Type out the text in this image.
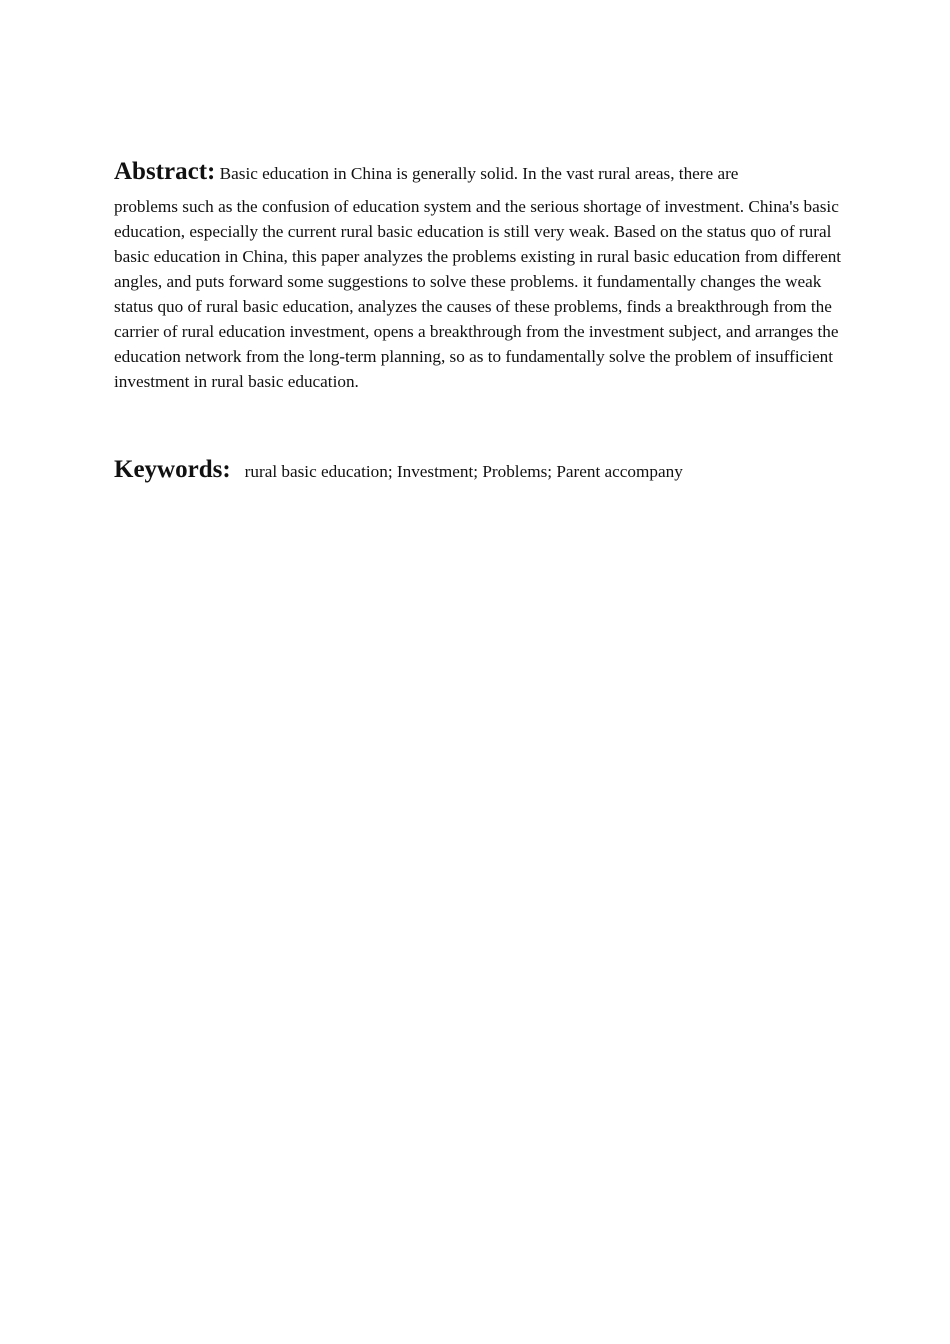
Abstract: Basic education in China is generally solid. In the vast rural areas, there are
problems such as the confusion of education system and the serious shortage of investment. China's basic education, especially the current rural basic education is still very weak. Based on the status quo of rural basic education in China, this paper analyzes the problems existing in rural basic education from different angles, and puts forward some suggestions to solve these problems. it fundamentally changes the weak status quo of rural basic education, analyzes the causes of these problems, finds a breakthrough from the carrier of rural education investment, opens a breakthrough from the investment subject, and arranges the education network from the long-term planning, so as to fundamentally solve the problem of insufficient investment in rural basic education.
Keywords: rural basic education; Investment; Problems; Parent accompany
